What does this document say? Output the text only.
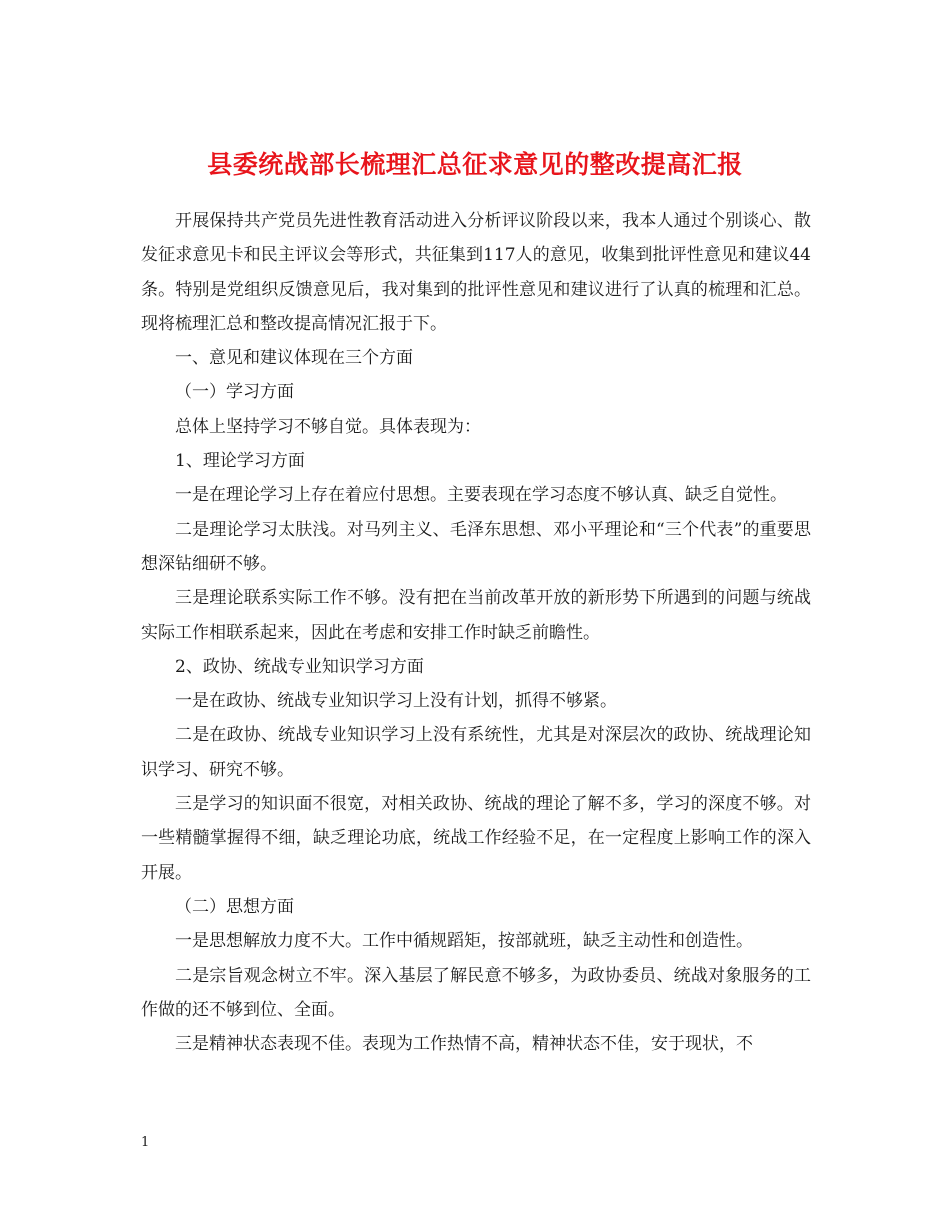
县委统战部长梳理汇总征求意见的整改提高汇报

开展保持共产党员先进性教育活动进入分析评议阶段以来，我本人通过个别谈心、散发征求意见卡和民主评议会等形式，共征集到117人的意见，收集到批评性意见和建议44条。特别是党组织反馈意见后，我对集到的批评性意见和建议进行了认真的梳理和汇总。现将梳理汇总和整改提高情况汇报于下。

一、意见和建议体现在三个方面

（一）学习方面

总体上坚持学习不够自觉。具体表现为：

1、理论学习方面

一是在理论学习上存在着应付思想。主要表现在学习态度不够认真、缺乏自觉性。

二是理论学习太肤浅。对马列主义、毛泽东思想、邓小平理论和“三个代表”的重要思想深钻细研不够。

三是理论联系实际工作不够。没有把在当前改革开放的新形势下所遇到的问题与统战实际工作相联系起来，因此在考虑和安排工作时缺乏前瞻性。

2、政协、统战专业知识学习方面

一是在政协、统战专业知识学习上没有计划，抓得不够紧。

二是在政协、统战专业知识学习上没有系统性，尤其是对深层次的政协、统战理论知识学习、研究不够。

三是学习的知识面不很宽，对相关政协、统战的理论了解不多，学习的深度不够。对一些精髓掌握得不细，缺乏理论功底，统战工作经验不足，在一定程度上影响工作的深入开展。

（二）思想方面

一是思想解放力度不大。工作中循规蹈矩，按部就班，缺乏主动性和创造性。

二是宗旨观念树立不牢。深入基层了解民意不够多，为政协委员、统战对象服务的工作做的还不够到位、全面。

三是精神状态表现不佳。表现为工作热情不高，精神状态不佳，安于现状，不

1
